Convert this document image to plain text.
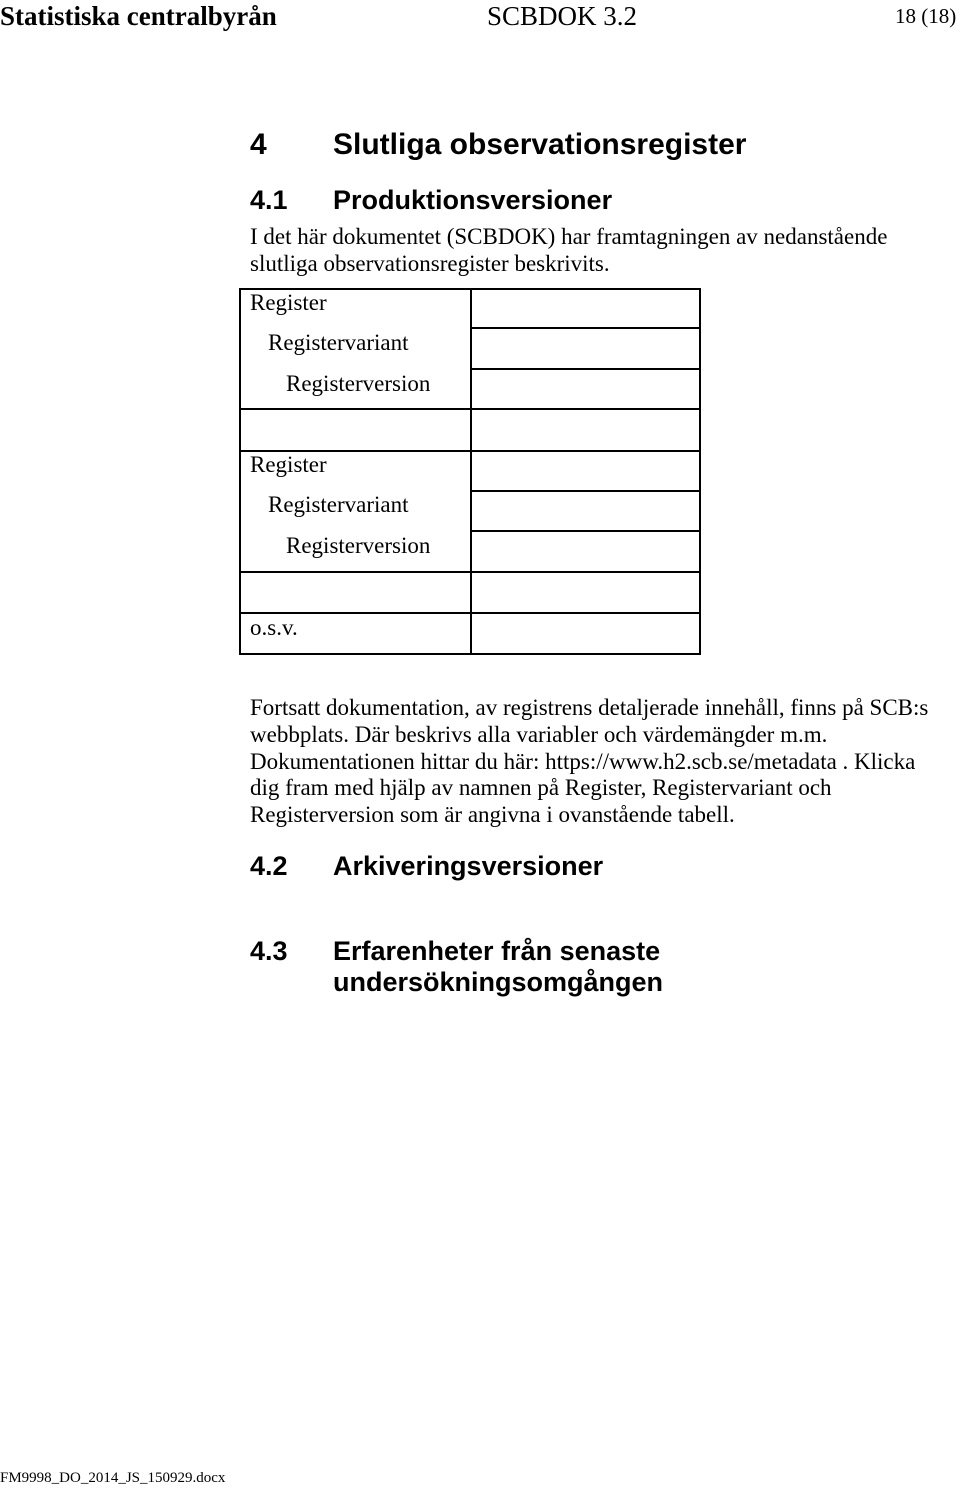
Statistiska centralbyrån	SCBDOK 3.2	18 (18)
4 Slutliga observationsregister
4.1 Produktionsversioner
I det här dokumentet (SCBDOK) har framtagningen av nedanstående
slutliga observationsregister beskrivits.
Register
Registervariant
Registerversion
Register
Registervariant
Registerversion
o.s.v.
Fortsatt dokumentation, av registrens detaljerade innehåll, finns på SCB:s
webbplats. Där beskrivs alla variabler och värdemängder m.m.
Dokumentationen hittar du här: https://www.h2.scb.se/metadata . Klicka
dig fram med hjälp av namnen på Register, Registervariant och
Registerversion som är angivna i ovanstående tabell.
4.2 Arkiveringsversioner
4.3 Erfarenheter från senaste
undersökningsomgången
FM9998_DO_2014_JS_150929.docx
